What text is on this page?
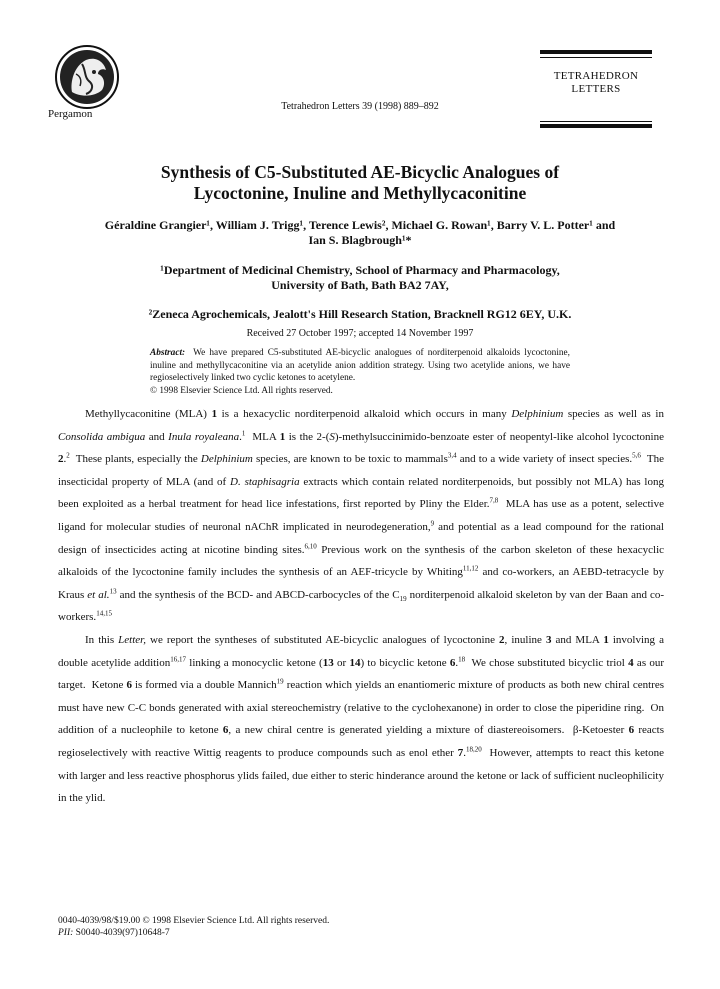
Pergamon
Tetrahedron Letters 39 (1998) 889–892
TETRAHEDRON
LETTERS
Synthesis of C5-Substituted AE-Bicyclic Analogues of
Lycoctonine, Inuline and Methyllycaconitine
Géraldine Grangier¹, William J. Trigg¹, Terence Lewis², Michael G. Rowan¹, Barry V. L. Potter¹ and
Ian S. Blagbrough¹*
¹Department of Medicinal Chemistry, School of Pharmacy and Pharmacology,
University of Bath, Bath BA2 7AY,
²Zeneca Agrochemicals, Jealott's Hill Research Station, Bracknell RG12 6EY, U.K.
Received 27 October 1997; accepted 14 November 1997
Abstract: We have prepared C5-substituted AE-bicyclic analogues of norditerpenoid alkaloids lycoctonine, inuline and methyllycaconitine via an acetylide anion addition strategy. Using two acetylide anions, we have regioselectively linked two cyclic ketones to acetylene.
© 1998 Elsevier Science Ltd. All rights reserved.

Methyllycaconitine (MLA) 1 is a hexacyclic norditerpenoid alkaloid which occurs in many Delphinium species as well as in Consolida ambigua and Inula royaleana.$^1$  MLA 1 is the 2-(S)-methylsuccinimido-benzoate ester of neopentyl-like alcohol lycoctonine 2.$^2$  These plants, especially the Delphinium species, are known to be toxic to mammals$^{3,4}$ and to a wide variety of insect species.$^{5,6}$  The insecticidal property of MLA (and of D. staphisagria extracts which contain related norditerpenoids, but possibly not MLA) has long been exploited as a herbal treatment for head lice infestations, first reported by Pliny the Elder.$^{7,8}$  MLA has use as a potent, selective ligand for molecular studies of neuronal nAChR implicated in neurodegeneration,$^9$ and potential as a lead compound for the rational design of insecticides acting at nicotine binding sites.$^{6,10}$ Previous work on the synthesis of the carbon skeleton of these hexacyclic alkaloids of the lycoctonine family includes the synthesis of an AEF-tricycle by Whiting$^{11,12}$ and co-workers, an AEBD-tetracycle by Kraus et al.$^{13}$ and the synthesis of the BCD- and ABCD-carbocycles of the $C_{19}$ norditerpenoid alkaloid skeleton by van der Baan and co-workers.$^{14,15}$

In this Letter, we report the syntheses of substituted AE-bicyclic analogues of lycoctonine 2, inuline 3 and MLA 1 involving a double acetylide addition$^{16,17}$ linking a monocyclic ketone (13 or 14) to bicyclic ketone 6.18  We chose substituted bicyclic triol 4 as our target.  Ketone 6 is formed via a double Mannich$^{19}$ reaction which yields an enantiomeric mixture of products as both new chiral centres must have new C-C bonds generated with axial stereochemistry (relative to the cyclohexanone) in order to close the piperidine ring.  On addition of a nucleophile to ketone 6, a new chiral centre is generated yielding a mixture of diastereoisomers.  β-Ketoester 6 reacts regioselectively with reactive Wittig reagents to produce compounds such as enol ether 7.$^{18,20}$  However, attempts to react this ketone with larger and less reactive phosphorus ylids failed, due either to steric hinderance around the ketone or lack of sufficient nucleophilicity in the ylid.

0040-4039/98/$19.00 © 1998 Elsevier Science Ltd. All rights reserved.
PII: S0040-4039(97)10648-7
